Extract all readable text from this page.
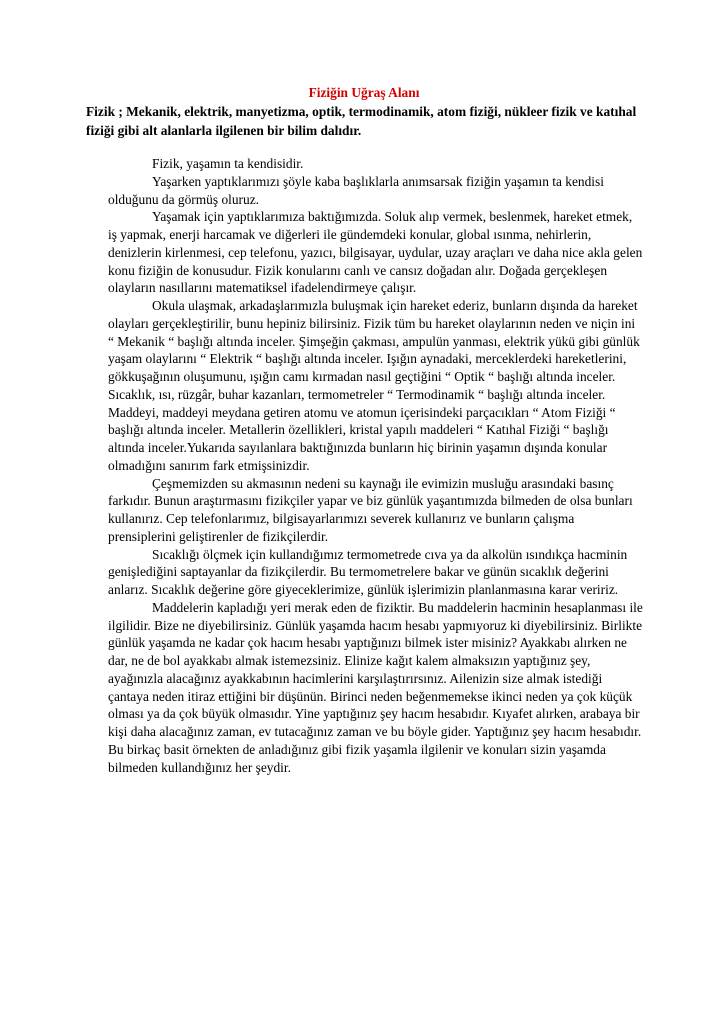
Fiziğin Uğraş Alanı
Fizik ; Mekanik, elektrik, manyetizma, optik, termodinamik, atom fiziği, nükleer fizik ve katıhal fiziği gibi alt alanlarla ilgilenen bir bilim dalıdır.

Fizik, yaşamın ta kendisidir.

Yaşarken yaptıklarımızı şöyle kaba başlıklarla anımsarsak fiziğin yaşamın ta kendisi olduğunu da görmüş oluruz.

Yaşamak için yaptıklarımıza baktığımızda. Soluk alıp vermek, beslenmek, hareket etmek, iş yapmak, enerji harcamak ve diğerleri ile gündemdeki konular, global ısınma, nehirlerin, denizlerin kirlenmesi, cep telefonu, yazıcı, bilgisayar, uydular, uzay araçları ve daha nice akla gelen konu fiziğin de konusudur. Fizik konularını canlı ve cansız doğadan alır. Doğada gerçekleşen olayların nasıllarını matematiksel ifadelendirmeye çalışır.

Okula ulaşmak, arkadaşlarımızla buluşmak için hareket ederiz, bunların dışında da hareket olayları gerçekleştirilir, bunu hepiniz bilirsiniz. Fizik tüm bu hareket olaylarının neden ve niçin ini “ Mekanik “ başlığı altında inceler. Şimşeğin çakması, ampulün yanması, elektrik yükü gibi günlük yaşam olaylarını “ Elektrik “ başlığı altında inceler. Işığın aynadaki, merceklerdeki hareketlerini, gökkuşağının oluşumunu, ışığın camı kırmadan nasıl geçtiğini “ Optik “ başlığı altında inceler. Sıcaklık, ısı, rüzgâr, buhar kazanları, termometreler “ Termodinamik “ başlığı altında inceler. Maddeyi, maddeyi meydana getiren atomu ve atomun içerisindeki parçacıkları “ Atom Fiziği “ başlığı altında inceler. Metallerin özellikleri, kristal yapılı maddeleri “ Katıhal Fiziği “ başlığı altında inceler.Yukarıda sayılanlara baktığınızda bunların hiç birinin yaşamın dışında konular olmadığını sanırım fark etmişsinizdir.

Çeşmemizden su akmasının nedeni su kaynağı ile evimizin musluğu arasındaki basınç farkıdır. Bunun araştırmasını fizikçiler yapar ve biz günlük yaşantımızda bilmeden de olsa bunları kullanırız. Cep telefonlarımız, bilgisayarlarımızı severek kullanırız ve bunların çalışma prensiplerini geliştirenler de fizikçilerdir.

Sıcaklığı ölçmek için kullandığımız termometrede cıva ya da alkolün ısındıkça hacminin genişlediğini saptayanlar da fizikçilerdir. Bu termometrelere bakar ve günün sıcaklık değerini anlarız. Sıcaklık değerine göre giyeceklerimize, günlük işlerimizin planlanmasına karar veririz.

Maddelerin kapladığı yeri merak eden de fiziktir. Bu maddelerin hacminin hesaplanması ile ilgilidir. Bize ne diyebilirsiniz. Günlük yaşamda hacım hesabı yapmıyoruz ki diyebilirsiniz. Birlikte günlük yaşamda ne kadar çok hacım hesabı yaptığınızı bilmek ister misiniz? Ayakkabı alırken ne dar, ne de bol ayakkabı almak istemezsiniz. Elinize kağıt kalem almaksızın yaptığınız şey, ayağınızla alacağınız ayakkabının hacimlerini karşılaştırırsınız. Ailenizin size almak istediği çantaya neden itiraz ettiğini bir düşünün. Birinci neden beğenmemekse ikinci neden ya çok küçük olması ya da çok büyük olmasıdır. Yine yaptığınız şey hacım hesabıdır. Kıyafet alırken, arabaya bir kişi daha alacağınız zaman, ev tutacağınız zaman ve bu böyle gider. Yaptığınız şey hacım hesabıdır. Bu birkaç basit örnekten de anladığınız gibi fizik yaşamla ilgilenir ve konuları sizin yaşamda bilmeden kullandığınız her şeydir.
